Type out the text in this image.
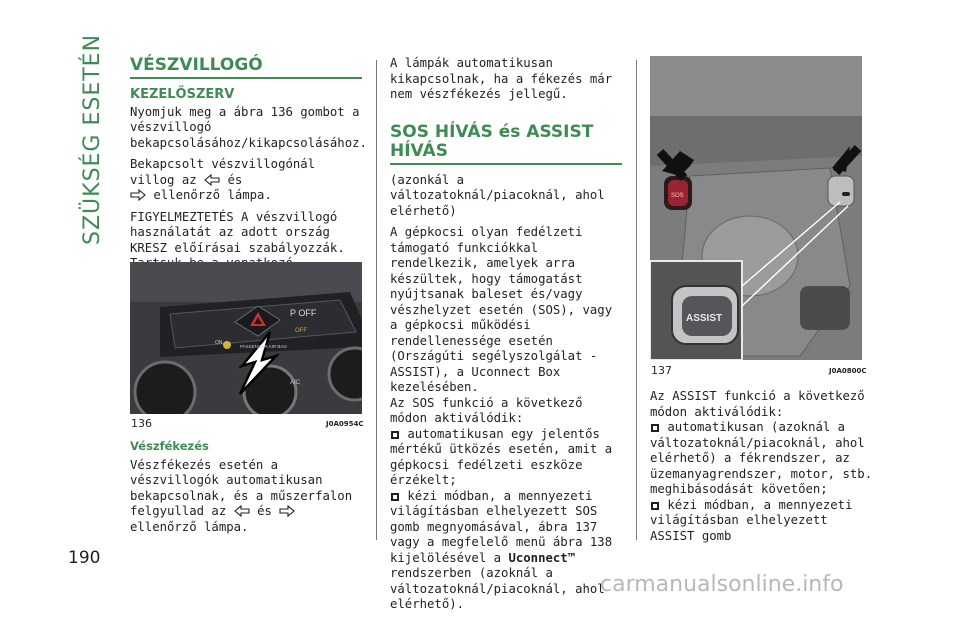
SZÜKSÉG ESETÉN
190
VÉSZVILLOGÓ
KEZELŐSZERV

Nyomjuk meg a ábra 136 gombot a vészvillogó bekapcsolásához/kikapcsolásához.

Bekapcsolt vészvillogónál villog az	és
ellenőrző lámpa.

FIGYELMEZTETÉS A vészvillogó használatát az adott ország KRESZ előírásai szabályozzák.

P OFF
OFF
ON
PASSENGER AIR BAG
A/C
136	J0A0954C
Vészfékezés

Vészfékezés esetén a vészvillogók automatikusan bekapcsolnak, és a műszerfalon felgyullad az	és  ellenőrző lámpa.

A lámpák automatikusan kikapcsolnak, ha a fékezés már nem vészfékezés jellegű.

SOS HÍVÁS és ASSIST HÍVÁS

(azonkál a változatoknál/piacoknál, ahol elérhető)

A gépkocsi olyan fedélzeti támogató funkciókkal rendelkezik, amelyek arra készültek, hogy támogatást nyújtsanak baleset és/vagy vészhelyzet esetén (SOS), vagy a gépkocsi működési rendellenessége esetén (Országúti segélyszolgálat - ASSIST), a Uconnect Box kezelésében.

Az SOS funkció a következő módon aktiválódik:

automatikusan egy jelentős mértékű ütközés esetén, amit a gépkocsi fedélzeti eszköze érzékelt;

kézi módban, a mennyezeti világításban elhelyezett SOS gomb megnyomásával, ábra 137 vagy a megfelelő menü ábra 138 kijelölésével a Uconnect™ rendszerben (azoknál a változatoknál/piacoknál, ahol elérhető).

SOS
ASSIST
137	J0A0800C

Az ASSIST funkció a következő módon aktiválódik:

automatikusan (azoknál a változatoknál/piacoknál, ahol elérhető) a fékrendszer, az üzemanyagrendszer, motor, stb. meghibásodását követően;

kézi módban, a mennyezeti világításban elhelyezett ASSIST gomb

carmanualsonline.info
